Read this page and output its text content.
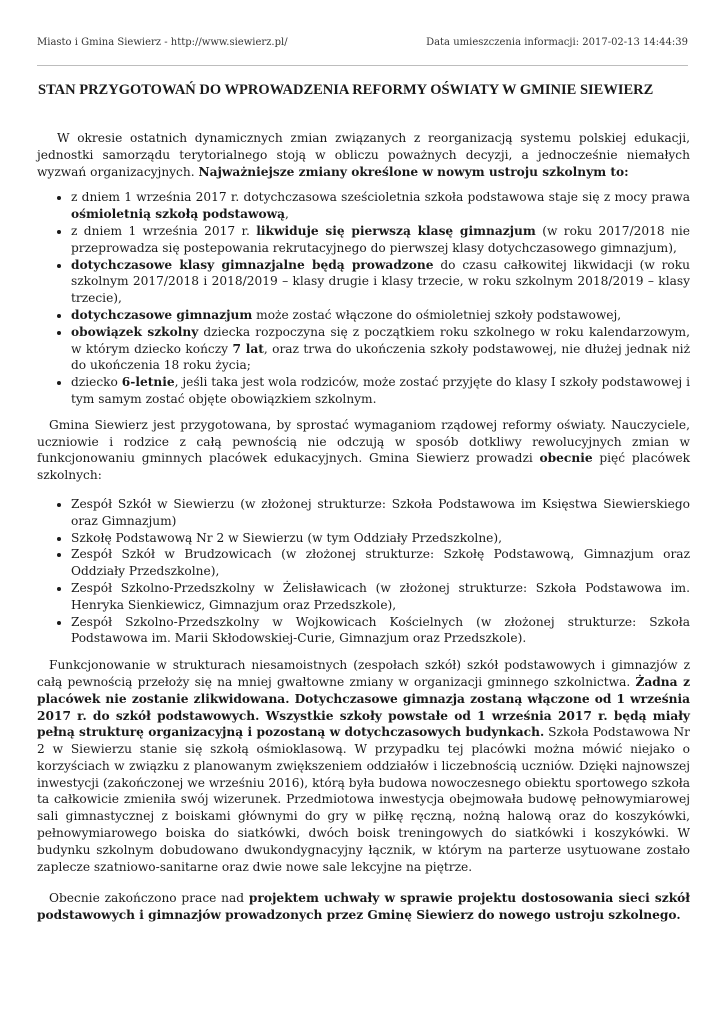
Miasto i Gmina Siewierz - http://www.siewierz.pl/	Data umieszczenia informacji: 2017-02-13 14:44:39
STAN PRZYGOTOWAŃ DO WPROWADZENIA REFORMY OŚWIATY W GMINIE SIEWIERZ

W okresie ostatnich dynamicznych zmian związanych z reorganizacją systemu polskiej edukacji, jednostki samorządu terytorialnego stoją w obliczu poważnych decyzji, a jednocześnie niemałych wyzwań organizacyjnych. Najważniejsze zmiany określone w nowym ustroju szkolnym to:

• z dniem 1 września 2017 r. dotychczasowa sześcioletnia szkoła podstawowa staje się z mocy prawa ośmioletnią szkołą podstawową,
• z dniem 1 września 2017 r. likwiduje się pierwszą klasę gimnazjum (w roku 2017/2018 nie przeprowadza się postepowania rekrutacyjnego do pierwszej klasy dotychczasowego gimnazjum),
• dotychczasowe klasy gimnazjalne będą prowadzone do czasu całkowitej likwidacji (w roku szkolnym 2017/2018 i 2018/2019 – klasy drugie i klasy trzecie, w roku szkolnym 2018/2019 – klasy trzecie),
• dotychczasowe gimnazjum może zostać włączone do ośmioletniej szkoły podstawowej,
• obowiązek szkolny dziecka rozpoczyna się z początkiem roku szkolnego w roku kalendarzowym, w którym dziecko kończy 7 lat, oraz trwa do ukończenia szkoły podstawowej, nie dłużej jednak niż do ukończenia 18 roku życia;
• dziecko 6-letnie, jeśli taka jest wola rodziców, może zostać przyjęte do klasy I szkoły podstawowej i tym samym zostać objęte obowiązkiem szkolnym.

Gmina Siewierz jest przygotowana, by sprostać wymaganiom rządowej reformy oświaty. Nauczyciele, uczniowie i rodzice z całą pewnością nie odczują w sposób dotkliwy rewolucyjnych zmian w funkcjonowaniu gminnych placówek edukacyjnych. Gmina Siewierz prowadzi obecnie pięć placówek szkolnych:

• Zespół Szkół w Siewierzu (w złożonej strukturze: Szkoła Podstawowa im Księstwa Siewierskiego oraz Gimnazjum)
• Szkołę Podstawową Nr 2 w Siewierzu (w tym Oddziały Przedszkolne),
• Zespół Szkół w Brudzowicach (w złożonej strukturze: Szkołę Podstawową, Gimnazjum oraz Oddziały Przedszkolne),
• Zespół Szkolno-Przedszkolny w Żelisławicach (w złożonej strukturze: Szkoła Podstawowa im. Henryka Sienkiewicz, Gimnazjum oraz Przedszkole),
• Zespół Szkolno-Przedszkolny w Wojkowicach Kościelnych (w złożonej strukturze: Szkoła Podstawowa im. Marii Skłodowskiej-Curie, Gimnazjum oraz Przedszkole).

Funkcjonowanie w strukturach niesamoistnych (zespołach szkół) szkół podstawowych i gimnazjów z całą pewnością przełoży się na mniej gwałtowne zmiany w organizacji gminnego szkolnictwa. Żadna z placówek nie zostanie zlikwidowana. Dotychczasowe gimnazja zostaną włączone od 1 września 2017 r. do szkół podstawowych. Wszystkie szkoły powstałe od 1 września 2017 r. będą miały pełną strukturę organizacyjną i pozostaną w dotychczasowych budynkach. Szkoła Podstawowa Nr 2 w Siewierzu stanie się szkołą ośmioklasową. W przypadku tej placówki można mówić niejako o korzyściach w związku z planowanym zwiększeniem oddziałów i liczebnością uczniów. Dzięki najnowszej inwestycji (zakończonej we wrześniu 2016), którą była budowa nowoczesnego obiektu sportowego szkoła ta całkowicie zmieniła swój wizerunek. Przedmiotowa inwestycja obejmowała budowę pełnowymiarowej sali gimnastycznej z boiskami głównymi do gry w piłkę ręczną, nożną halową oraz do koszykówki, pełnowymiarowego boiska do siatkówki, dwóch boisk treningowych do siatkówki i koszykówki. W budynku szkolnym dobudowano dwukondygnacyjny łącznik, w którym na parterze usytuowane zostało zaplecze szatniowo-sanitarne oraz dwie nowe sale lekcyjne na piętrze.

Obecnie zakończono prace nad projektem uchwały w sprawie projektu dostosowania sieci szkół podstawowych i gimnazjów prowadzonych przez Gminę Siewierz do nowego ustroju szkolnego.
